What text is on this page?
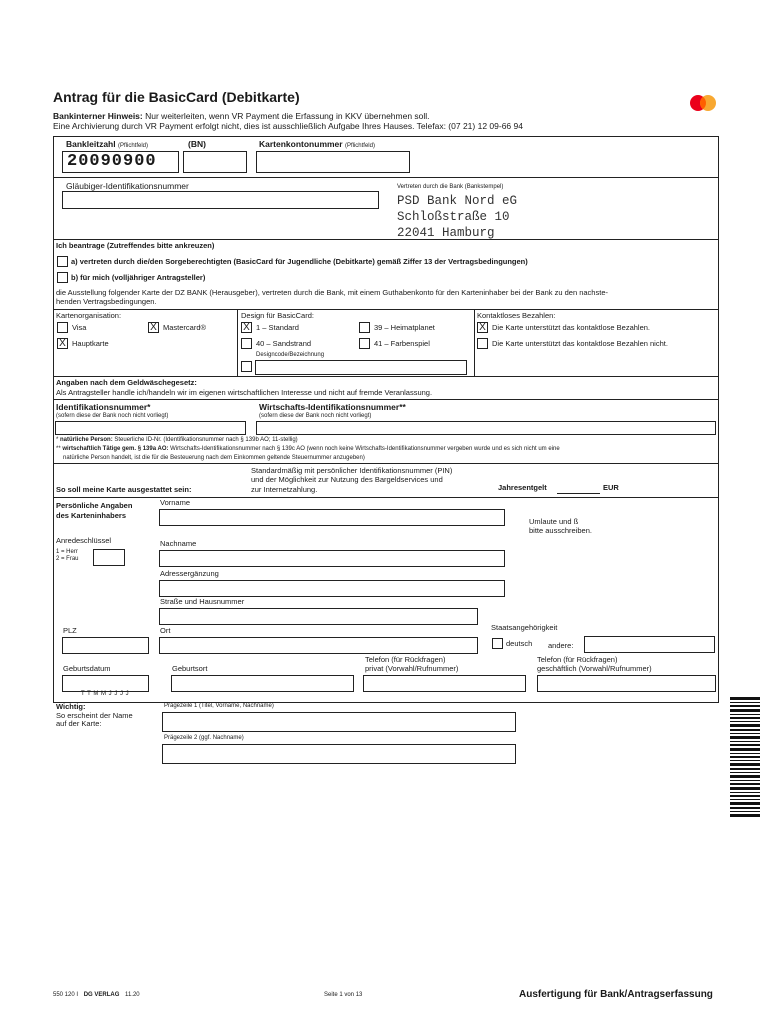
Antrag für die BasicCard (Debitkarte)
Bankinterner Hinweis: Nur weiterleiten, wenn VR Payment die Erfassung in KKV übernehmen soll.
Eine Archivierung durch VR Payment erfolgt nicht, dies ist ausschließlich Aufgabe Ihres Hauses. Telefax: (07 21) 12 09-66 94
Bankleitzahl (Pflichtfeld)	(BN)	Kartenkontonummer (Pflichtfeld)
20090900
Gläubiger-Identifikationsnummer	Vertreten durch die Bank (Bankstempel)
PSD Bank Nord eG
Schloßstraße 10
22041 Hamburg
Ich beantrage (Zutreffendes bitte ankreuzen)
a) vertreten durch die/den Sorgeberechtigten (BasicCard für Jugendliche (Debitkarte) gemäß Ziffer 13 der Vertragsbedingungen)
b) für mich (volljähriger Antragsteller)
die Ausstellung folgender Karte der DZ BANK (Herausgeber), vertreten durch die Bank, mit einem Guthabenkonto für den Karteninhaber bei der Bank zu den nachste-
henden Vertragsbedingungen.
Kartenorganisation:
Visa	X Mastercard®
X Hauptkarte
Design für BasicCard:
X 1 – Standard	39 – Heimatplanet
40 – Sandstrand	41 – Farbenspiel
Designcode/Bezeichnung
Kontaktloses Bezahlen:
X Die Karte unterstützt das kontaktlose Bezahlen.
Die Karte unterstützt das kontaktlose Bezahlen nicht.
Angaben nach dem Geldwäschegesetz:
Als Antragsteller handle ich/handeln wir im eigenen wirtschaftlichen Interesse und nicht auf fremde Veranlassung.
Identifikationsnummer*
(sofern diese der Bank noch nicht vorliegt)
Wirtschafts-Identifikationsnummer**
(sofern diese der Bank noch nicht vorliegt)
* natürliche Person: Steuerliche ID-Nr. (Identifikationsnummer nach § 139b AO; 11-stellig)
** wirtschaftlich Tätige gem. § 139a AO: Wirtschafts-Identifikationsnummer nach § 139c AO (wenn noch keine Wirtschafts-Identifikationsnummer vergeben wurde und es sich nicht um eine
natürliche Person handelt, ist die für die Besteuerung nach dem Einkommen geltende Steuernummer anzugeben)
Standardmäßig mit persönlicher Identifikationsnummer (PIN)
und der Möglichkeit zur Nutzung des Bargeldservices und
zur Internetzahlung.
So soll meine Karte ausgestattet sein:	Jahresentgelt	EUR
Persönliche Angaben
des Karteninhabers
Vorname
Umlaute und ß
bitte ausschreiben.
Anredeschlüssel
1 = Herr
2 = Frau
Nachname
Adressergänzung
Straße und Hausnummer
PLZ	Ort	Staatsangehörigkeit
deutsch andere:
Telefon (für Rückfragen)
privat (Vorwahl/Rufnummer)
Telefon (für Rückfragen)
geschäftlich (Vorwahl/Rufnummer)
Geburtsdatum
T T M M J J J J
Geburtsort
Wichtig:
So erscheint der Name
auf der Karte:
Prägezeile 1 (Titel, Vorname, Nachname)
Prägezeile 2 (ggf. Nachname)
550 120 I DG VERLAG 11.20	Seite 1 von 13	Ausfertigung für Bank/Antragserfassung
